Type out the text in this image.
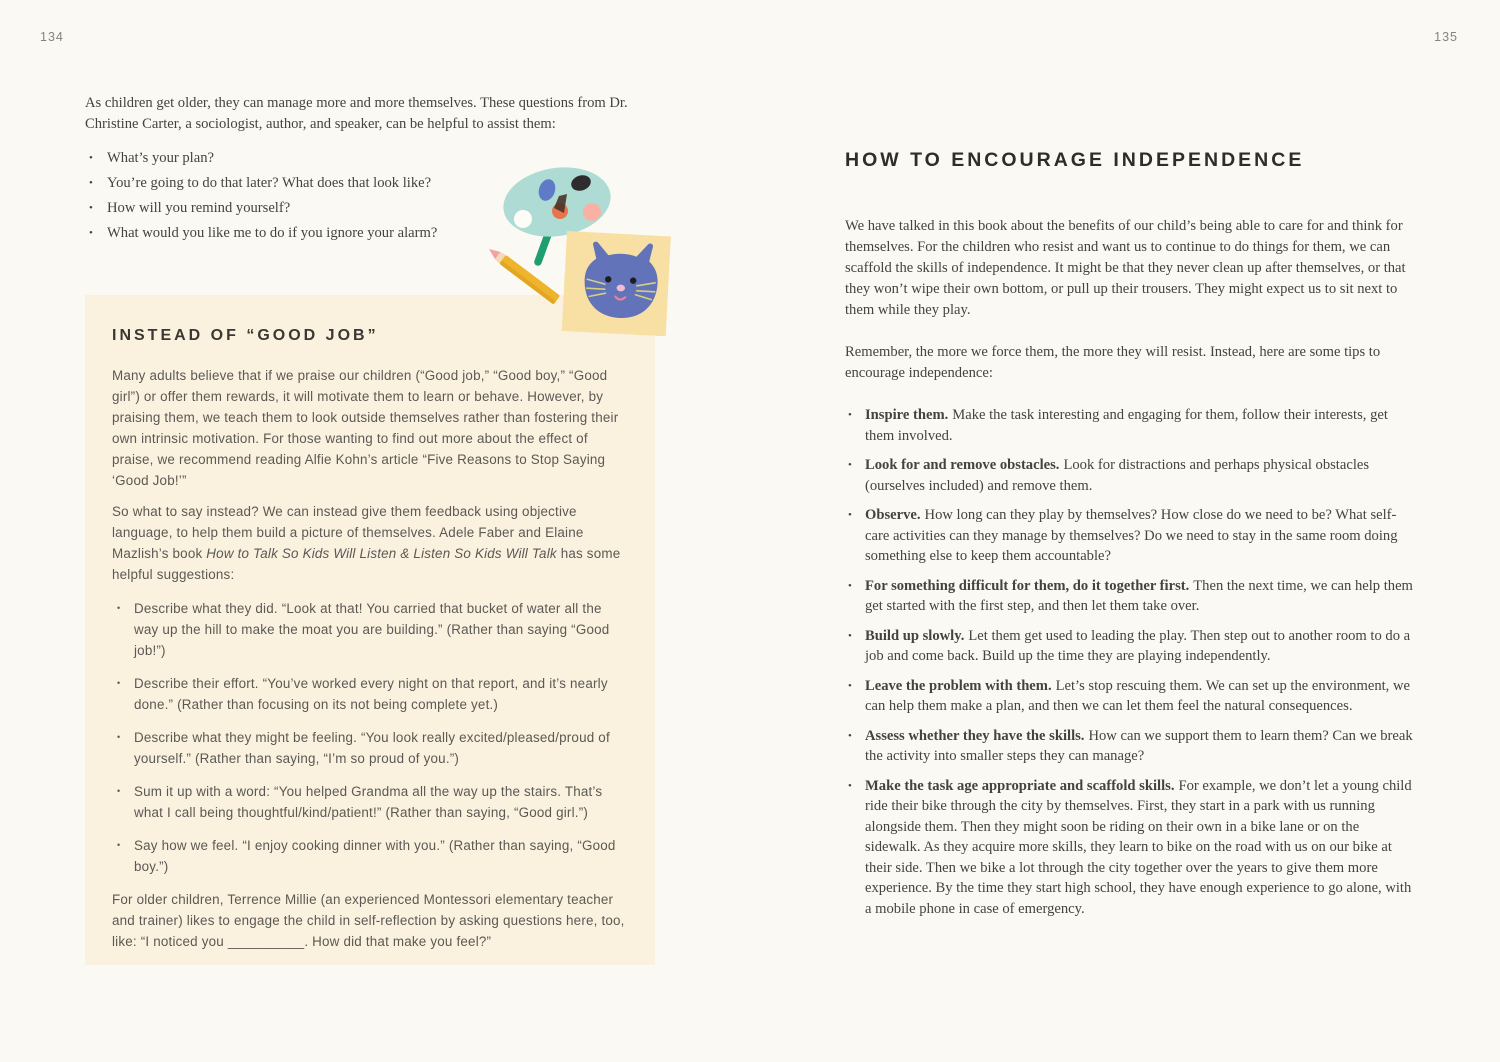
134	135

As children get older, they can manage more and more themselves. These questions from Dr. Christine Carter, a sociologist, author, and speaker, can be helpful to assist them:

• What’s your plan?
• You’re going to do that later? What does that look like?
• How will you remind yourself?
• What would you like me to do if you ignore your alarm?
INSTEAD OF “GOOD JOB”

Many adults believe that if we praise our children (“Good job,” “Good boy,” “Good girl”) or offer them rewards, it will motivate them to learn or behave. However, by praising them, we teach them to look outside themselves rather than fostering their own intrinsic motivation. For those wanting to find out more about the effect of praise, we recommend reading Alfie Kohn’s article “Five Reasons to Stop Saying ‘Good Job!’”

So what to say instead? We can instead give them feedback using objective language, to help them build a picture of themselves. Adele Faber and Elaine Mazlish’s book How to Talk So Kids Will Listen & Listen So Kids Will Talk has some helpful suggestions:

• Describe what they did. “Look at that! You carried that bucket of water all the way up the hill to make the moat you are building.” (Rather than saying “Good job!”)
• Describe their effort. “You’ve worked every night on that report, and it’s nearly done.” (Rather than focusing on its not being complete yet.)
• Describe what they might be feeling. “You look really excited/pleased/proud of yourself.” (Rather than saying, “I’m so proud of you.”)
• Sum it up with a word: “You helped Grandma all the way up the stairs. That’s what I call being thoughtful/kind/patient!” (Rather than saying, “Good girl.”)
• Say how we feel. “I enjoy cooking dinner with you.” (Rather than saying, “Good boy.”)

For older children, Terrence Millie (an experienced Montessori elementary teacher and trainer) likes to engage the child in self-reflection by asking questions here, too, like: “I noticed you __________. How did that make you feel?”

HOW TO ENCOURAGE INDEPENDENCE

We have talked in this book about the benefits of our child’s being able to care for and think for themselves. For the children who resist and want us to continue to do things for them, we can scaffold the skills of independence. It might be that they never clean up after themselves, or that they won’t wipe their own bottom, or pull up their trousers. They might expect us to sit next to them while they play.

Remember, the more we force them, the more they will resist. Instead, here are some tips to encourage independence:

• Inspire them. Make the task interesting and engaging for them, follow their interests, get them involved.
• Look for and remove obstacles. Look for distractions and perhaps physical obstacles (ourselves included) and remove them.
• Observe. How long can they play by themselves? How close do we need to be? What self-care activities can they manage by themselves? Do we need to stay in the same room doing something else to keep them accountable?
• For something difficult for them, do it together first. Then the next time, we can help them get started with the first step, and then let them take over.
• Build up slowly. Let them get used to leading the play. Then step out to another room to do a job and come back. Build up the time they are playing independently.
• Leave the problem with them. Let’s stop rescuing them. We can set up the environment, we can help them make a plan, and then we can let them feel the natural consequences.
• Assess whether they have the skills. How can we support them to learn them? Can we break the activity into smaller steps they can manage?
• Make the task age appropriate and scaffold skills. For example, we don’t let a young child ride their bike through the city by themselves. First, they start in a park with us running alongside them. Then they might soon be riding on their own in a bike lane or on the sidewalk. As they acquire more skills, they learn to bike on the road with us on our bike at their side. Then we bike a lot through the city together over the years to give them more experience. By the time they start high school, they have enough experience to go alone, with a mobile phone in case of emergency.
